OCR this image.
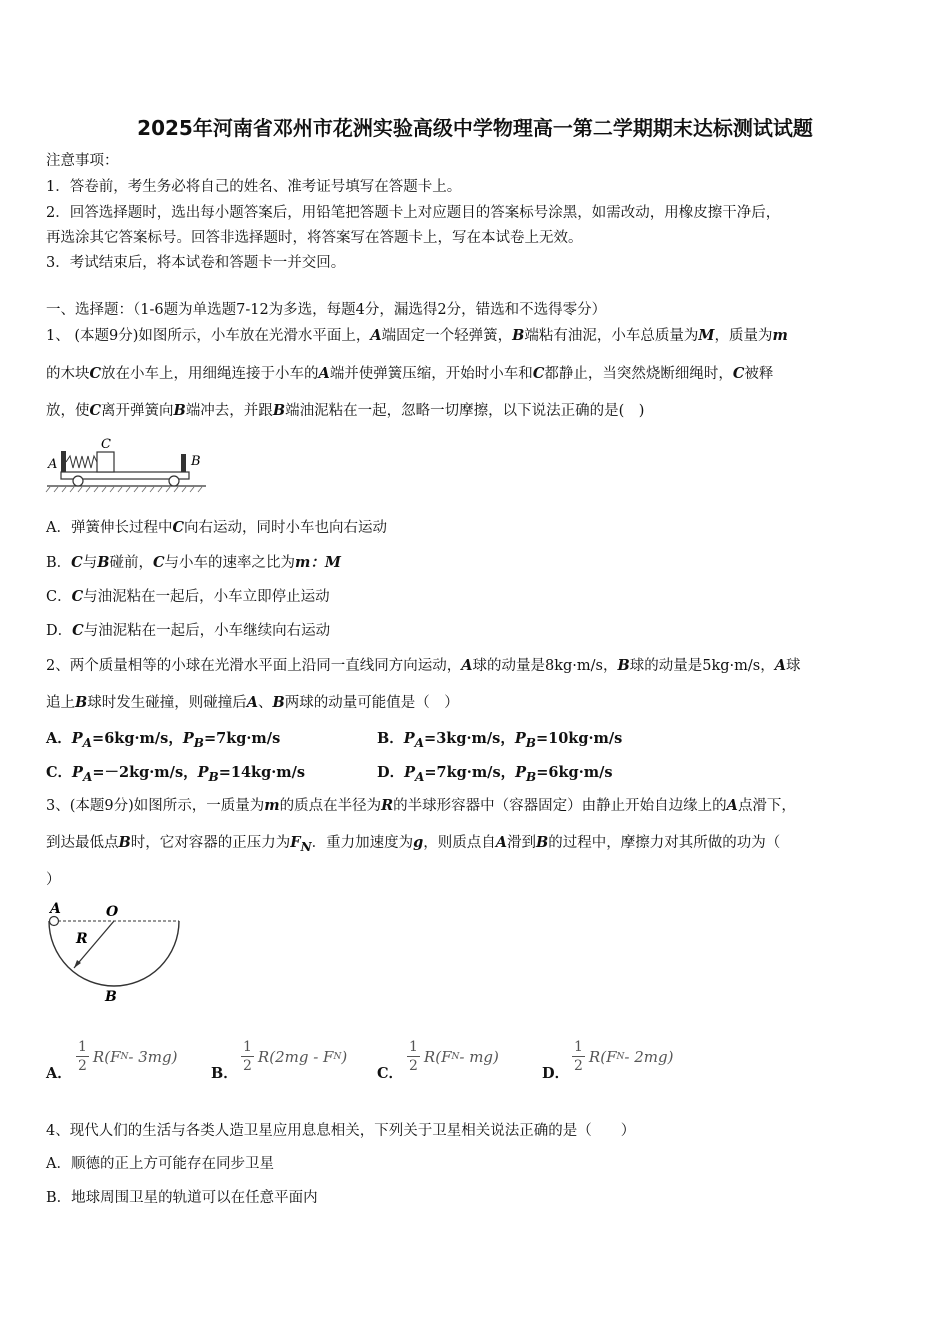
2025年河南省邓州市花洲实验高级中学物理高一第二学期期末达标测试试题
注意事项：
1．答卷前，考生务必将自己的姓名、准考证号填写在答题卡上。
2．回答选择题时，选出每小题答案后，用铅笔把答题卡上对应题目的答案标号涂黑，如需改动，用橡皮擦干净后，
再选涂其它答案标号。回答非选择题时，将答案写在答题卡上，写在本试卷上无效。
3．考试结束后，将本试卷和答题卡一并交回。
一、选择题：（1-6题为单选题7-12为多选，每题4分，漏选得2分，错选和不选得零分）
1、 (本题9分)如图所示，小车放在光滑水平面上，A端固定一个轻弹簧，B端粘有油泥，小车总质量为M，质量为m
的木块C放在小车上，用细绳连接于小车的A端并使弹簧压缩，开始时小车和C都静止，当突然烧断细绳时，C被释
放，使C离开弹簧向B端冲去，并跟B端油泥粘在一起，忽略一切摩擦，以下说法正确的是(　)
A	B
C
A．弹簧伸长过程中C向右运动，同时小车也向右运动
B．C与B碰前，C与小车的速率之比为m：M
C．C与油泥粘在一起后，小车立即停止运动
D．C与油泥粘在一起后，小车继续向右运动
2、两个质量相等的小球在光滑水平面上沿同一直线同方向运动，A球的动量是8kg·m/s，B球的动量是5kg·m/s，A球
追上B球时发生碰撞，则碰撞后A、B两球的动量可能值是（　）
A．$P_A=6kg\cdot m/s$，$P_B=7kg\cdot m/s$	B．$P_A=3kg\cdot m/s$，$P_B=10kg\cdot m/s$
C．$P_A=-2kg\cdot m/s$，$P_B=14kg\cdot m/s$	D．$P_A=7kg\cdot m/s$，$P_B=6kg\cdot m/s$
3、(本题9分)如图所示，一质量为m的质点在半径为R的半球形容器中（容器固定）由静止开始自边缘上的A点滑下，
到达最低点B时，它对容器的正压力为$F_N$．重力加速度为g，则质点自A滑到B的过程中，摩擦力对其所做的功为（
）
A	O
R
B
A． $\frac{1}{2} R(F$ N - 3mg)
B． $\frac{1}{2} R(2mg$ - F N )
C． $\frac{1}{2} R(F$ N - mg)
D． $\frac{1}{2} R(F$ N - 2mg)
4、现代人们的生活与各类人造卫星应用息息相关，下列关于卫星相关说法正确的是（　　）
A．顺德的正上方可能存在同步卫星
B．地球周围卫星的轨道可以在任意平面内
